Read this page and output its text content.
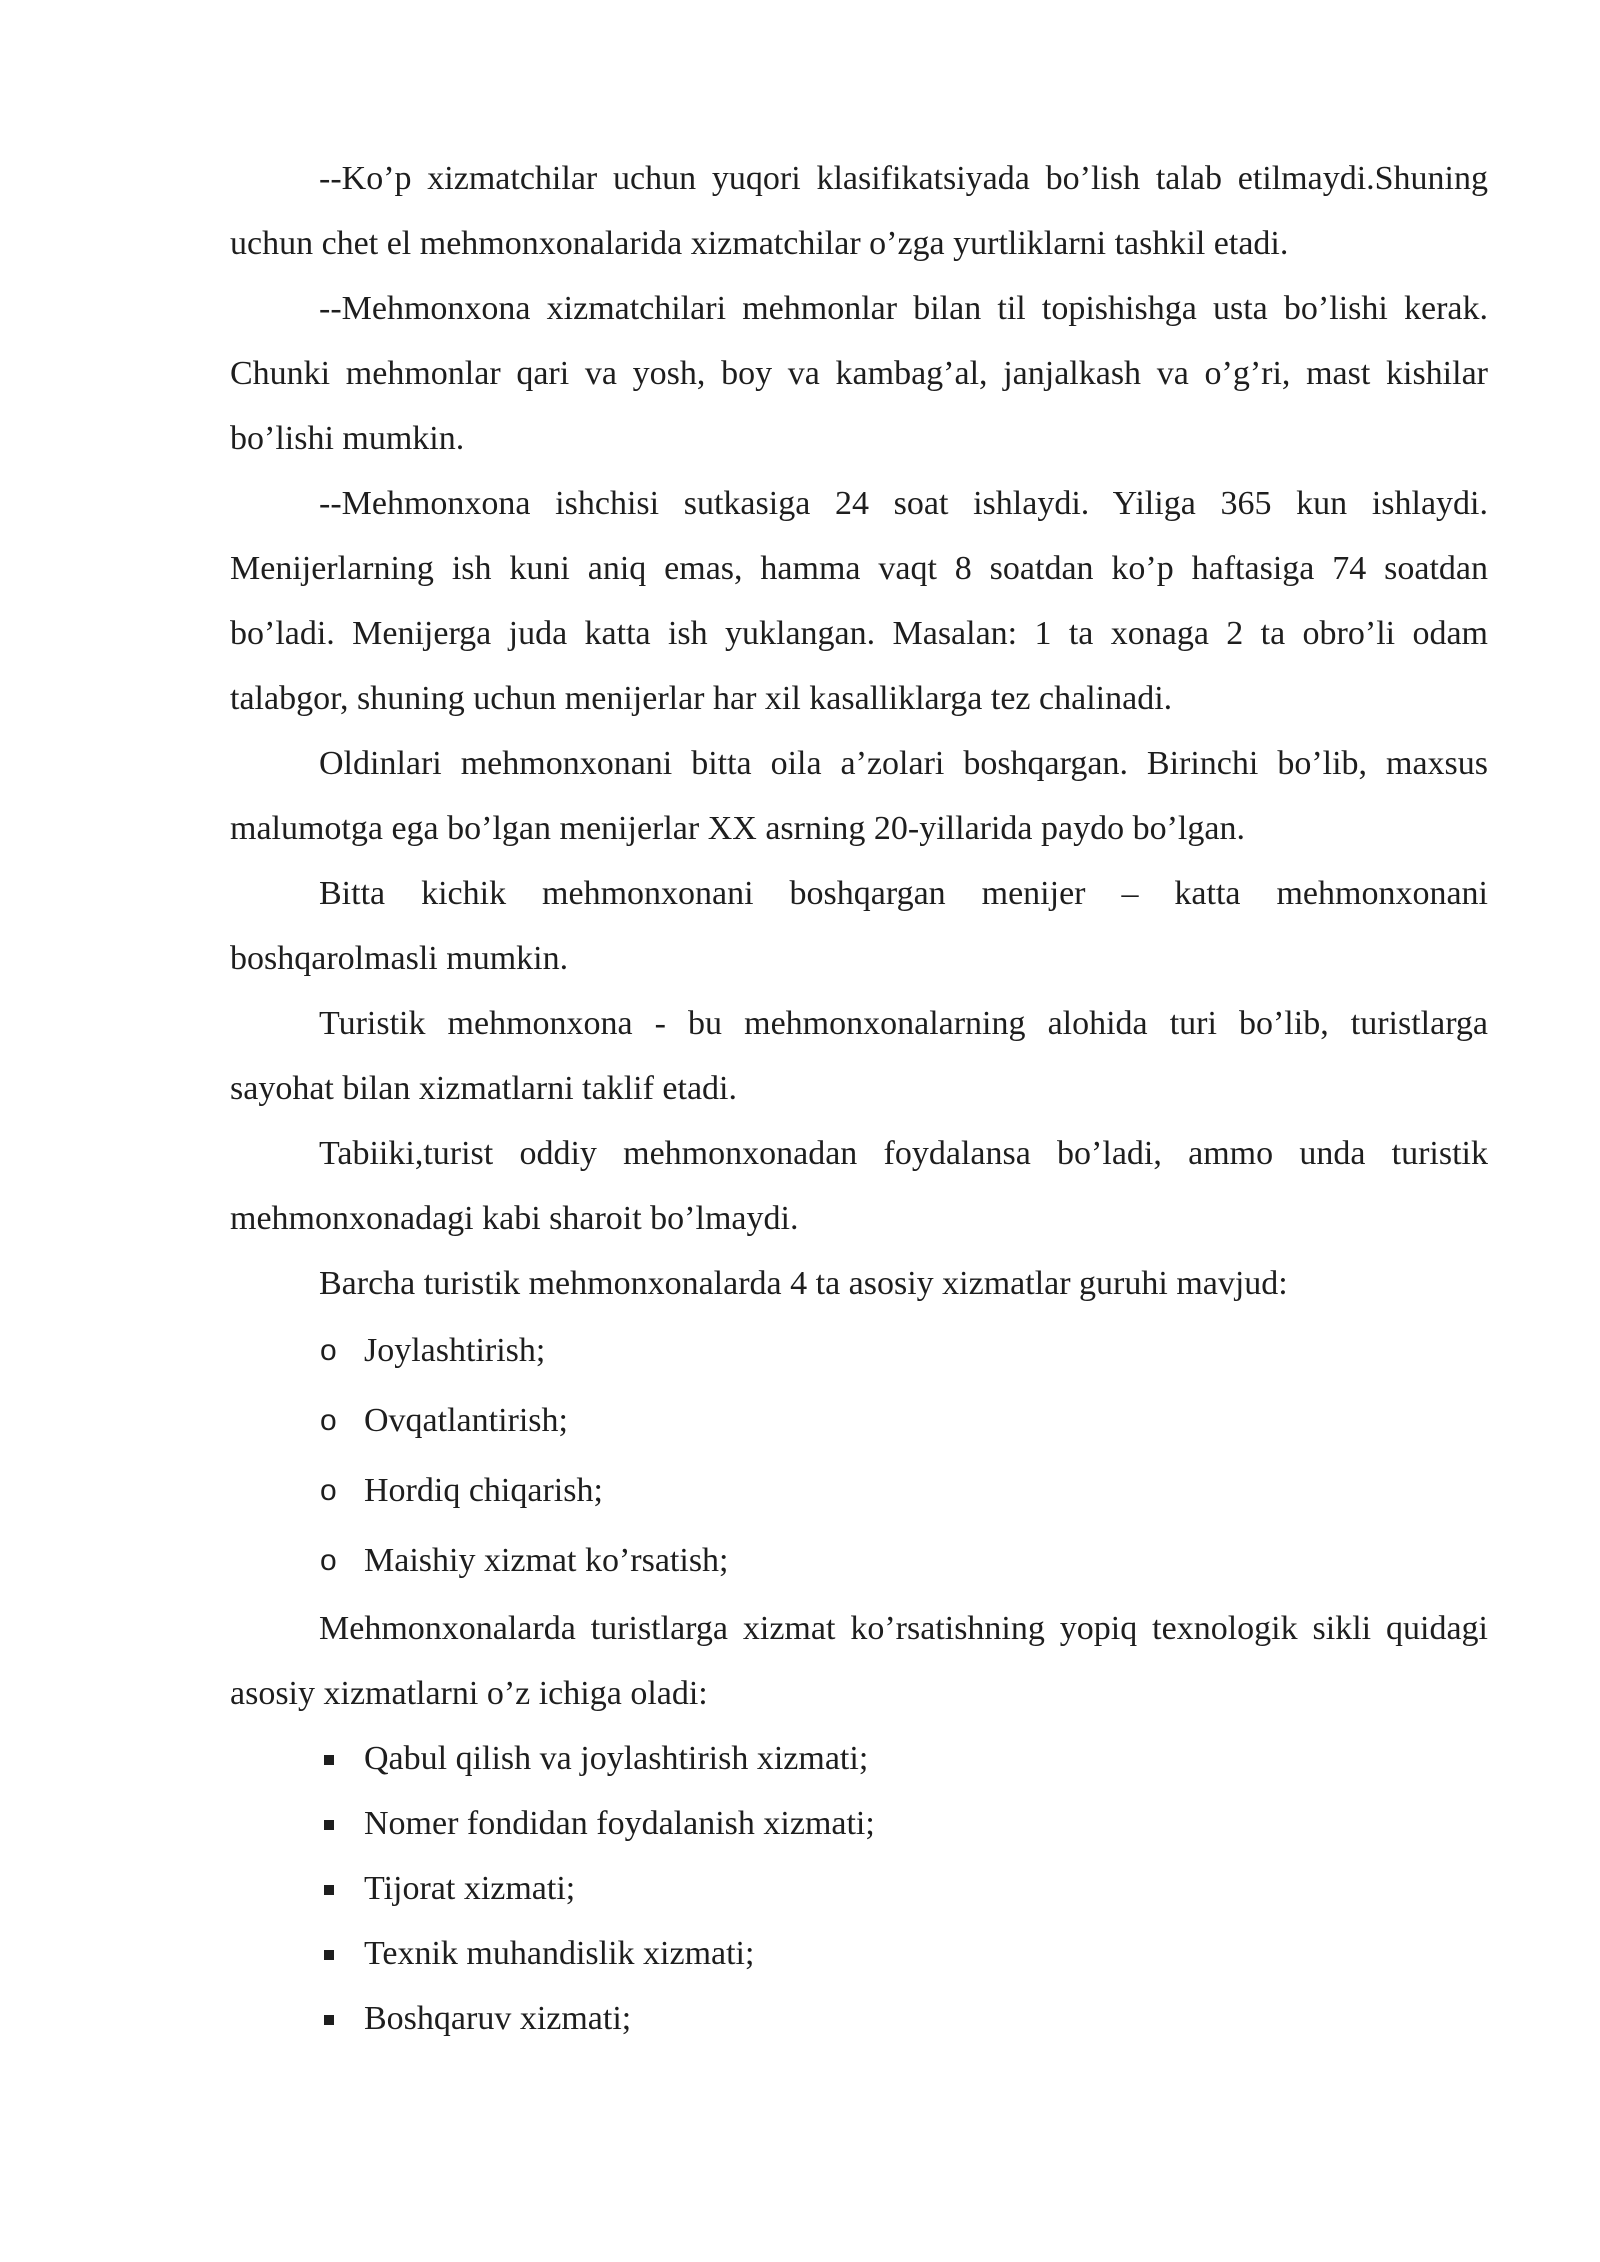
--Ko’p xizmatchilar uchun yuqori klasifikatsiyada bo’lish talab etilmaydi.Shuning uchun chet el mehmonxonalarida xizmatchilar o’zga yurtliklarni tashkil etadi.

--Mehmonxona xizmatchilari mehmonlar bilan til topishishga usta bo’lishi kerak. Chunki mehmonlar qari va yosh, boy va kambag’al, janjalkash va o’g’ri, mast kishilar bo’lishi mumkin.

--Mehmonxona ishchisi sutkasiga 24 soat ishlaydi. Yiliga 365 kun ishlaydi. Menijerlarning ish kuni aniq emas, hamma vaqt 8 soatdan ko’p haftasiga 74 soatdan bo’ladi. Menijerga juda katta ish yuklangan. Masalan: 1 ta xonaga 2 ta obro’li odam talabgor, shuning uchun menijerlar har xil kasalliklarga tez chalinadi.

Oldinlari mehmonxonani bitta oila a’zolari boshqargan. Birinchi bo’lib, maxsus malumotga ega bo’lgan menijerlar XX asrning 20-yillarida paydo bo’lgan.

Bitta kichik mehmonxonani boshqargan menijer – katta mehmonxonani boshqarolmasli mumkin.

Turistik mehmonxona - bu mehmonxonalarning alohida turi bo’lib, turistlarga sayohat bilan xizmatlarni taklif etadi.

Tabiiki,turist oddiy mehmonxonadan foydalansa bo’ladi, ammo unda turistik mehmonxonadagi kabi sharoit bo’lmaydi.

Barcha turistik mehmonxonalarda 4 ta asosiy xizmatlar guruhi mavjud:

o Joylashtirish;
o Ovqatlantirish;
o Hordiq chiqarish;
o Maishiy xizmat ko’rsatish;

Mehmonxonalarda turistlarga xizmat ko’rsatishning yopiq texnologik sikli quidagi asosiy xizmatlarni o’z ichiga oladi:

Qabul qilish va joylashtirish xizmati;
Nomer fondidan foydalanish xizmati;
Tijorat xizmati;
Texnik muhandislik xizmati;
Boshqaruv xizmati;
